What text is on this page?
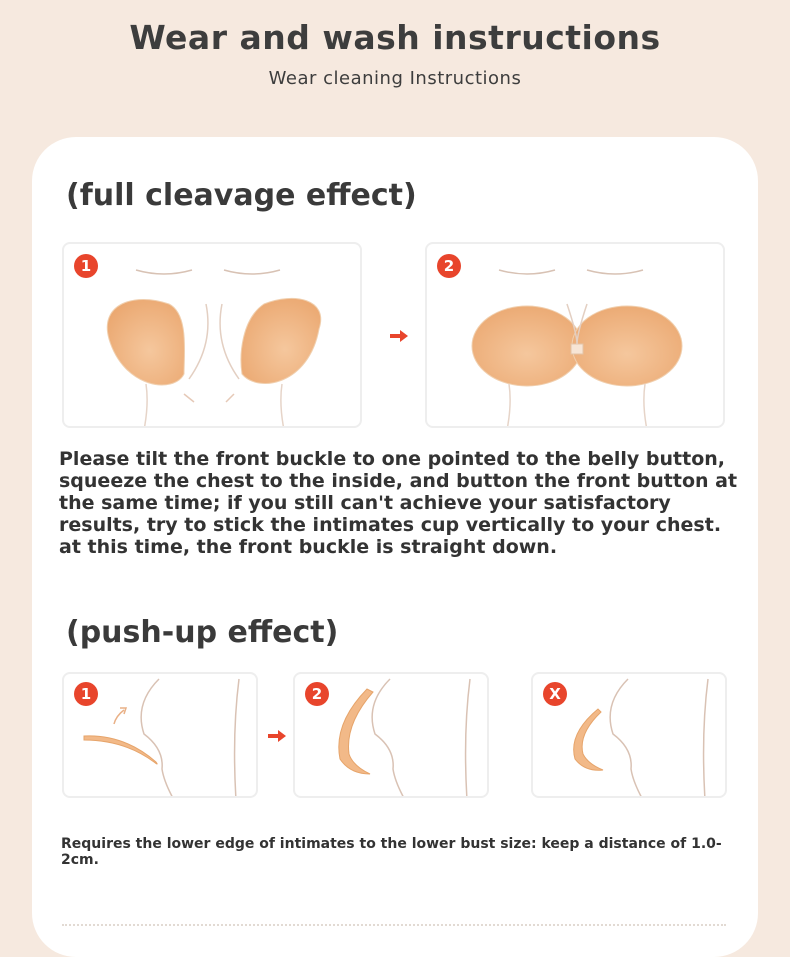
Wear and wash instructions
Wear cleaning Instructions
(full cleavage effect)
1	2
Please tilt the front buckle to one pointed to the belly button, squeeze the chest to the inside, and button the front button at the same time; if you still can't achieve your satisfactory results, try to stick the intimates cup vertically to your chest. at this time, the front buckle is straight down.
(push-up effect)
1	2	X
Requires the lower edge of intimates to the lower bust size: keep a distance of 1.0-2cm.
